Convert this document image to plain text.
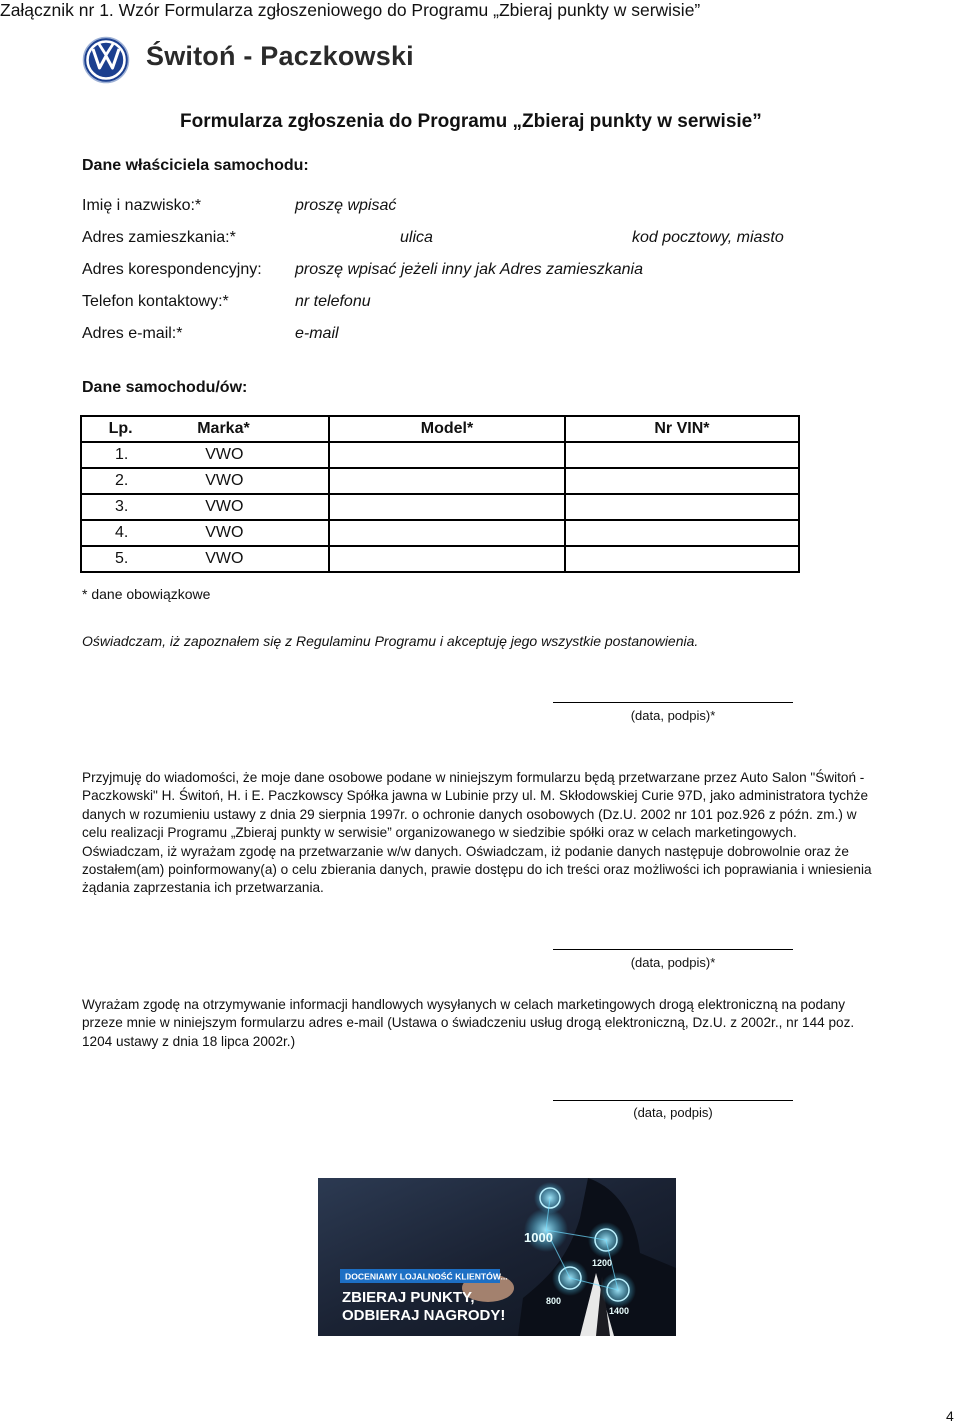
Załącznik nr 1. Wzór Formularza zgłoszeniowego do Programu „Zbieraj punkty w serwisie”
Świtoń - Paczkowski
Formularza zgłoszenia do Programu „Zbieraj punkty w serwisie”
Dane właściciela samochodu:
Imię i nazwisko:*	proszę wpisać
Adres zamieszkania:*	ulica	kod pocztowy, miasto
Adres korespondencyjny: proszę wpisać jeżeli inny jak Adres zamieszkania
Telefon kontaktowy:*	nr telefonu
Adres e-mail:*	e-mail
Dane samochodu/ów:
Lp.	Marka*	Model*	Nr VIN*
1.	VWO		
2.	VWO		
3.	VWO		
4.	VWO		
5.	VWO		
* dane obowiązkowe
Oświadczam, iż zapoznałem się z Regulaminu Programu i akceptuję jego wszystkie postanowienia.
(data, podpis)*
Przyjmuję do wiadomości, że moje dane osobowe podane w niniejszym formularzu będą przetwarzane przez Auto Salon "Świtoń - Paczkowski" H. Świtoń, H. i E. Paczkowscy Spółka jawna w Lubinie przy ul. M. Skłodowskiej Curie 97D, jako administratora tychże danych w rozumieniu ustawy z dnia 29 sierpnia 1997r. o ochronie danych osobowych (Dz.U. 2002 nr 101 poz.926 z późn. zm.) w celu realizacji Programu „Zbieraj punkty w serwisie” organizowanego w siedzibie spółki oraz w celach marketingowych. Oświadczam, iż wyrażam zgodę na przetwarzanie w/w danych. Oświadczam, iż podanie danych następuje dobrowolnie oraz że zostałem(am) poinformowany(a) o celu zbierania danych, prawie dostępu do ich treści oraz możliwości ich poprawiania i wniesienia żądania zaprzestania ich przetwarzania.
(data, podpis)*
Wyrażam zgodę na otrzymywanie informacji handlowych wysyłanych w celach marketingowych drogą elektroniczną na podany przeze mnie w niniejszym formularzu adres e-mail (Ustawa o świadczeniu usług drogą elektroniczną, Dz.U. z 2002r., nr 144 poz. 1204 ustawy z dnia 18 lipca 2002r.)
(data, podpis)
1000
1200
800
1400
DOCENIAMY LOJALNOŚĆ KLIENTÓW...
ZBIERAJ PUNKTY,
ODBIERAJ NAGRODY!
4
